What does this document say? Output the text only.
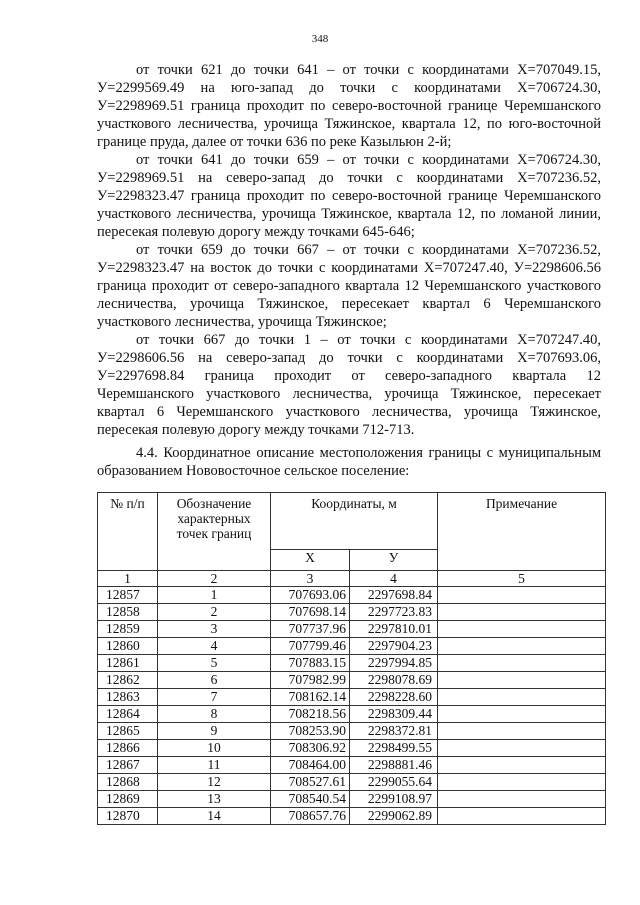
348

от точки 621 до точки 641 – от точки с координатами Х=707049.15, У=2299569.49 на юго-запад до точки с координатами Х=706724.30, У=2298969.51 граница проходит по северо-восточной границе Черемшанского участкового лесничества, урочища Тяжинское, квартала 12, по юго-восточной границе пруда, далее от точки 636 по реке Казыльюн 2-й;

от точки 641 до точки 659 – от точки с координатами Х=706724.30, У=2298969.51 на северо-запад до точки с координатами Х=707236.52, У=2298323.47 граница проходит по северо-восточной границе Черемшанского участкового лесничества, урочища Тяжинское, квартала 12, по ломаной линии, пересекая полевую дорогу между точками 645-646;

от точки 659 до точки 667 – от точки с координатами Х=707236.52, У=2298323.47 на восток до точки с координатами Х=707247.40, У=2298606.56 граница проходит от северо-западного квартала 12 Черемшанского участкового лесничества, урочища Тяжинское, пересекает квартал 6 Черемшанского участкового лесничества, урочища Тяжинское;

от точки 667 до точки 1 – от точки с координатами Х=707247.40, У=2298606.56 на северо-запад до точки с координатами Х=707693.06, У=2297698.84 граница проходит от северо-западного квартала 12 Черемшанского участкового лесничества, урочища Тяжинское, пересекает квартал 6 Черемшанского участкового лесничества, урочища Тяжинское, пересекая полевую дорогу между точками 712-713.

4.4. Координатное описание местоположения границы с муниципальным образованием Нововосточное сельское поселение:

№ п/п	Обозначение характерных точек границ	Координаты, м		Примечание
		Х	У	
1	2	3	4	5
12857	1	707693.06	2297698.84	
12858	2	707698.14	2297723.83	
12859	3	707737.96	2297810.01	
12860	4	707799.46	2297904.23	
12861	5	707883.15	2297994.85	
12862	6	707982.99	2298078.69	
12863	7	708162.14	2298228.60	
12864	8	708218.56	2298309.44	
12865	9	708253.90	2298372.81	
12866	10	708306.92	2298499.55	
12867	11	708464.00	2298881.46	
12868	12	708527.61	2299055.64	
12869	13	708540.54	2299108.97	
12870	14	708657.76	2299062.89	
